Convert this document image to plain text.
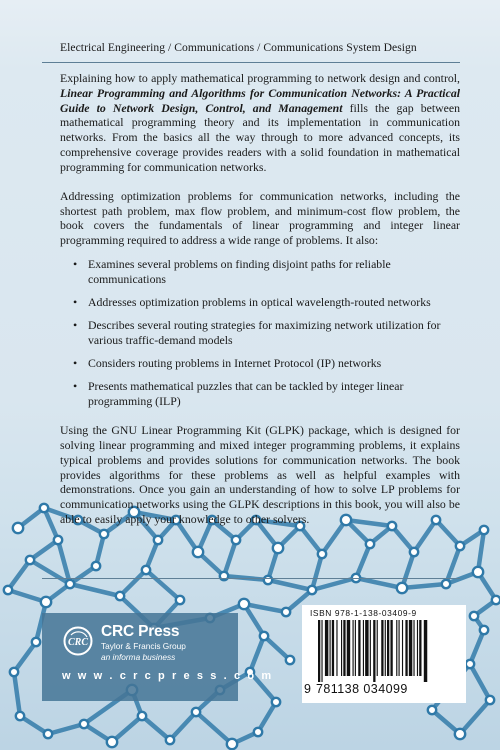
Electrical Engineering / Communications / Communications System Design

Explaining how to apply mathematical programming to network design and control, Linear Programming and Algorithms for Communication Networks: A Practical Guide to Network Design, Control, and Management fills the gap between mathematical programming theory and its implementation in communication networks. From the basics all the way through to more advanced concepts, its comprehensive coverage provides readers with a solid foundation in mathematical programming for communication networks.

Addressing optimization problems for communication networks, including the shortest path problem, max flow problem, and minimum-cost flow problem, the book covers the fundamentals of linear programming and integer linear programming required to address a wide range of problems. It also:

• Examines several problems on finding disjoint paths for reliable communications
• Addresses optimization problems in optical wavelength-routed networks
• Describes several routing strategies for maximizing network utilization for various traffic-demand models
• Considers routing problems in Internet Protocol (IP) networks
• Presents mathematical puzzles that can be tackled by integer linear programming (ILP)

Using the GNU Linear Programming Kit (GLPK) package, which is designed for solving linear programming and mixed integer programming problems, it explains typical problems and provides solutions for communication networks. The book provides algorithms for these problems as well as helpful examples with demonstrations. Once you gain an understanding of how to solve LP problems for communication networks using the GLPK descriptions in this book, you will also be able to easily apply your knowledge to other solvers.

CRC
CRC Press
Taylor & Francis Group
an informa business
w w w . c r c p r e s s . c o m
ISBN 978-1-138-03409-9
9 781138 034099
